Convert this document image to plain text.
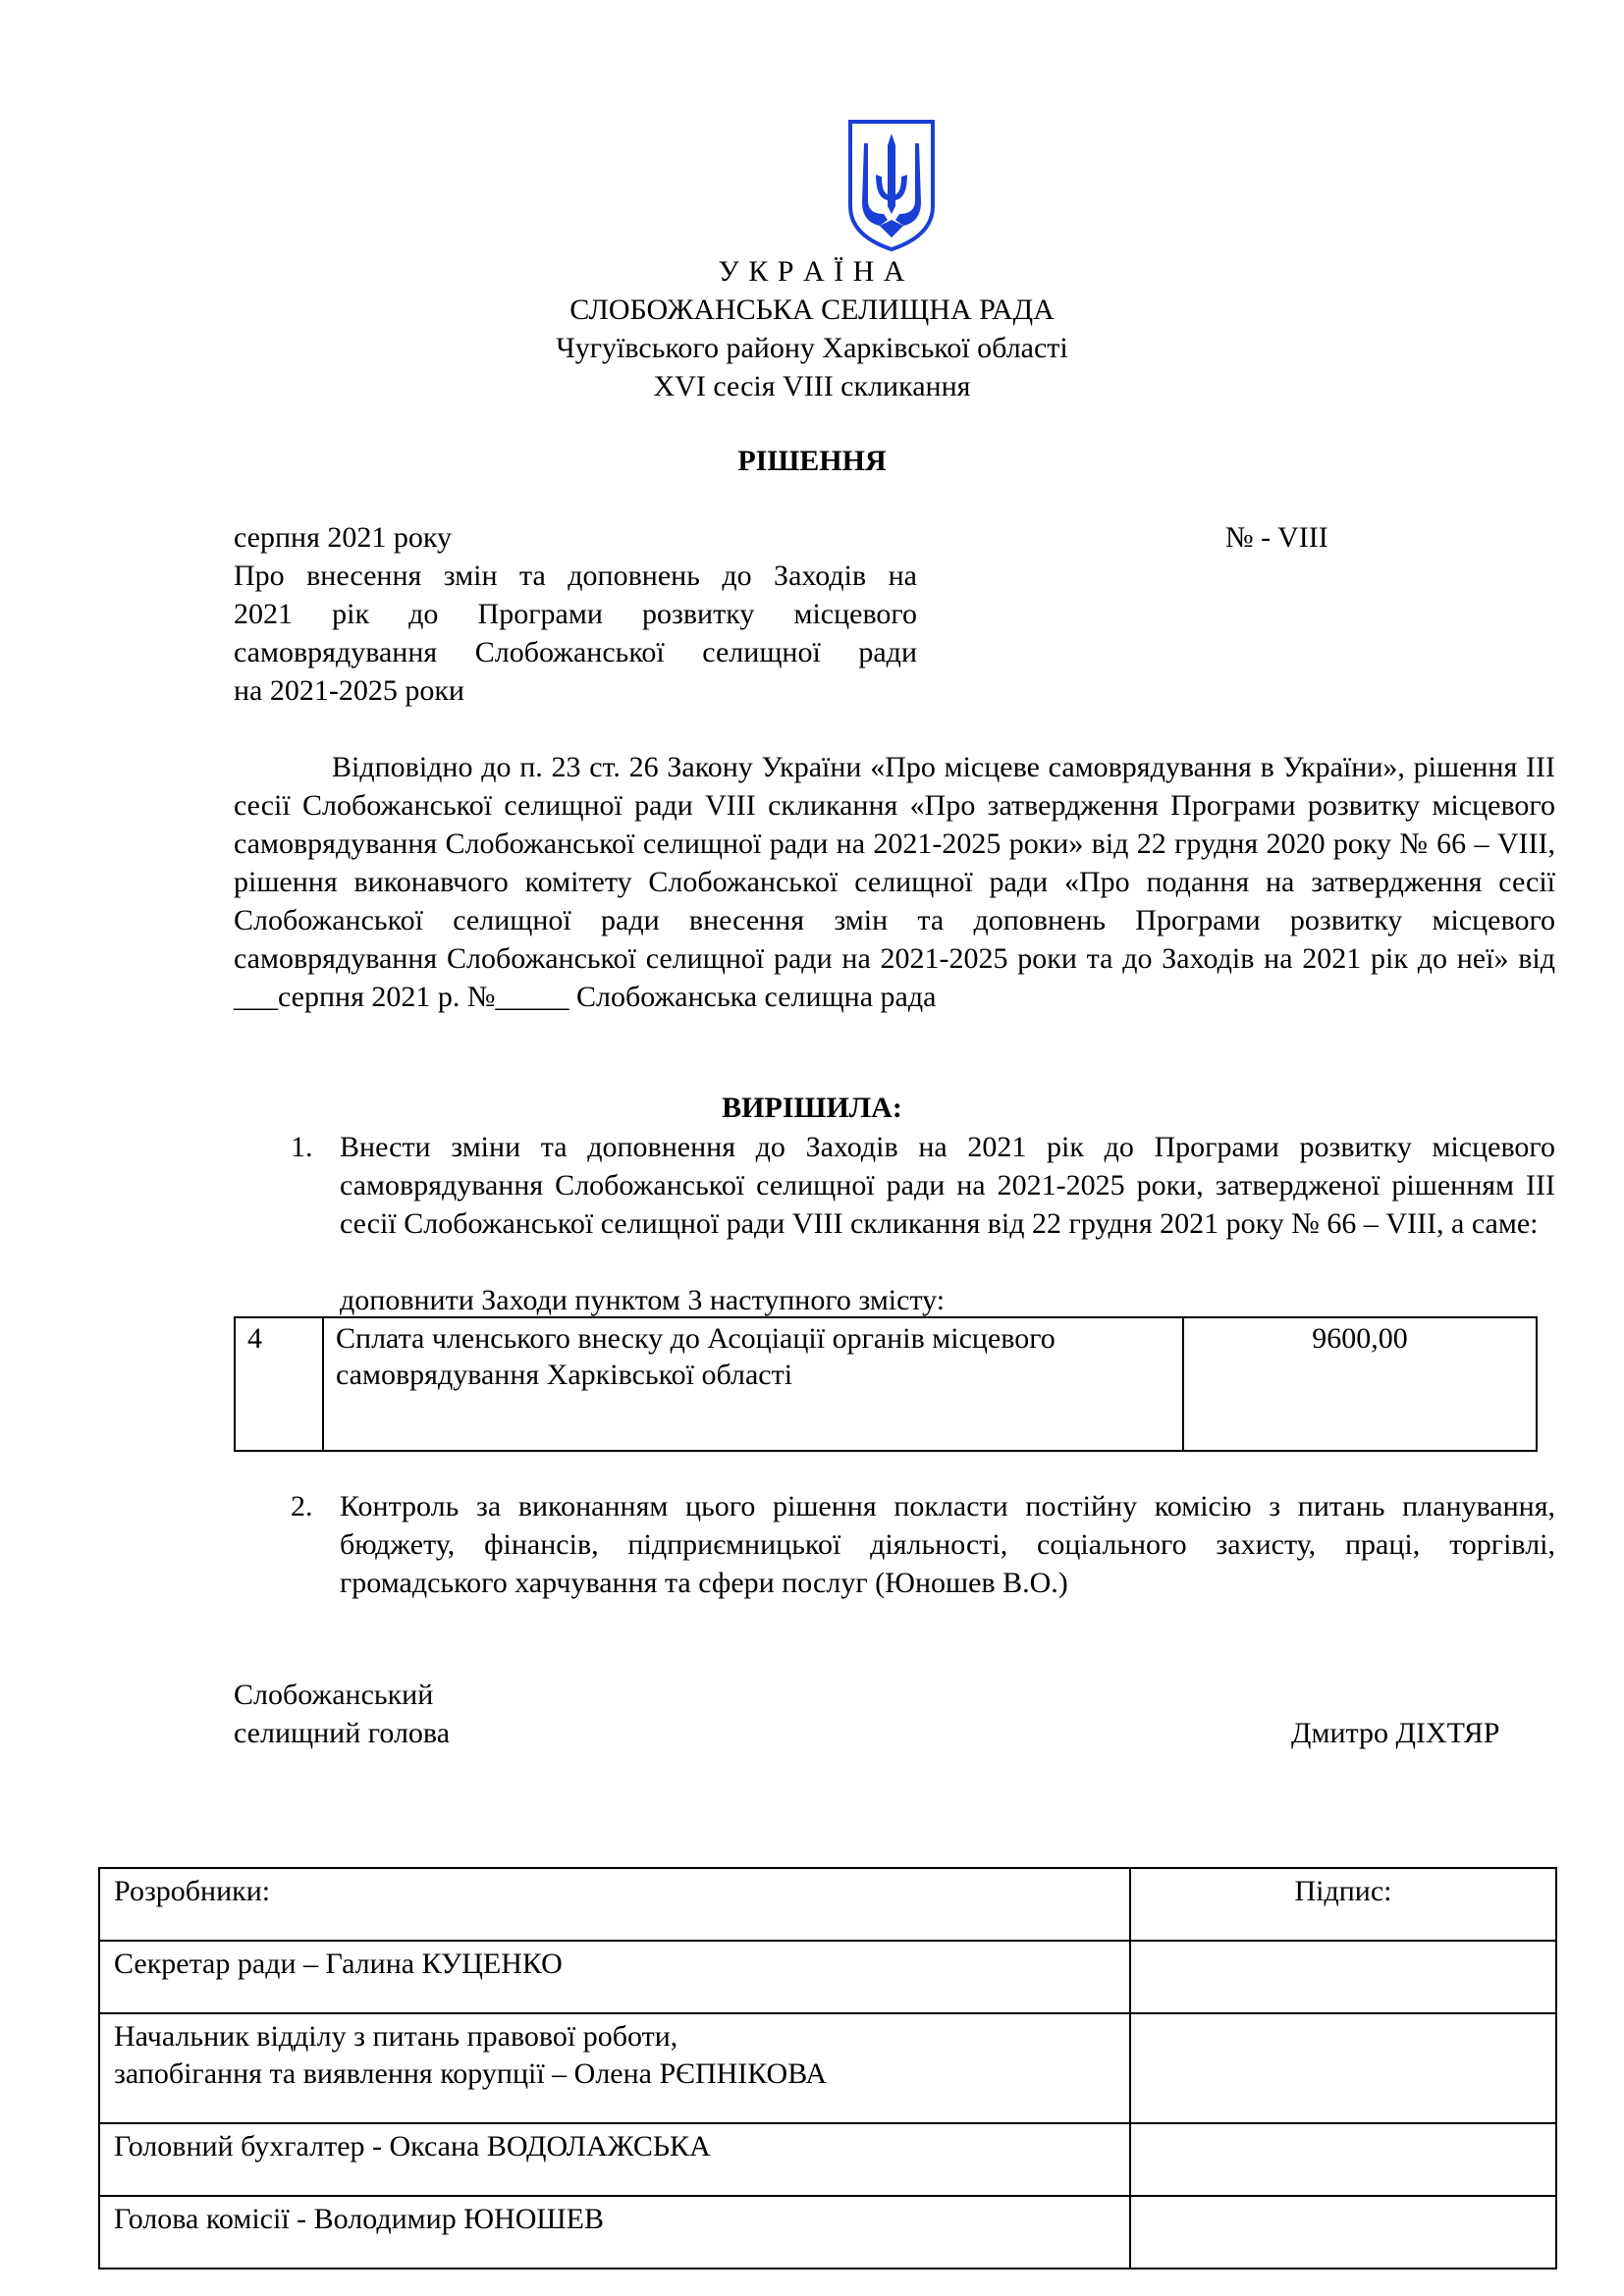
У К Р А Ї Н А
СЛОБОЖАНСЬКА СЕЛИЩНА РАДА
Чугуївського району Харківської області
XVI сесія VIII скликання
РІШЕННЯ
серпня 2021 року	№ - VIII
Про внесення змін та доповнень до Заходів на
2021 рік до Програми розвитку місцевого
самоврядування Слобожанської селищної ради
на 2021-2025 роки
Відповідно до п. 23 ст. 26 Закону України «Про місцеве самоврядування в України», рішення III сесії Слобожанської селищної ради VIII скликання «Про затвердження Програми розвитку місцевого самоврядування Слобожанської селищної ради на 2021-2025 роки» від 22 грудня 2020 року № 66 – VIII, рішення виконавчого комітету Слобожанської селищної ради «Про подання на затвердження сесії Слобожанської селищної ради внесення змін та доповнень Програми розвитку місцевого самоврядування Слобожанської селищної ради на 2021-2025 роки та до Заходів на 2021 рік до неї» від ___серпня 2021 р. №_____ Слобожанська селищна рада
ВИРІШИЛА:
1. Внести зміни та доповнення до Заходів на 2021 рік до Програми розвитку місцевого самоврядування Слобожанської селищної ради на 2021-2025 роки, затвердженої рішенням III сесії Слобожанської селищної ради VIII скликання від 22 грудня 2021 року № 66 – VIII, а саме:
доповнити Заходи пунктом 3 наступного змісту:
4	Сплата членського внеску до Асоціації органів місцевого самоврядування Харківської області	9600,00
2. Контроль за виконанням цього рішення покласти постійну комісію з питань планування, бюджету, фінансів, підприємницької діяльності, соціального захисту, праці, торгівлі, громадського харчування та сфери послуг (Юношев В.О.)
Слобожанський
селищний голова	Дмитро ДІХТЯР
Розробники:	Підпис:

Секретар ради – Галина КУЦЕНКО	

Начальник відділу з питань правової роботи,
запобігання та виявлення корупції – Олена РЄПНІКОВА	

Головний бухгалтер - Оксана ВОДОЛАЖСЬКА	

Голова комісії - Володимир ЮНОШЕВ	
